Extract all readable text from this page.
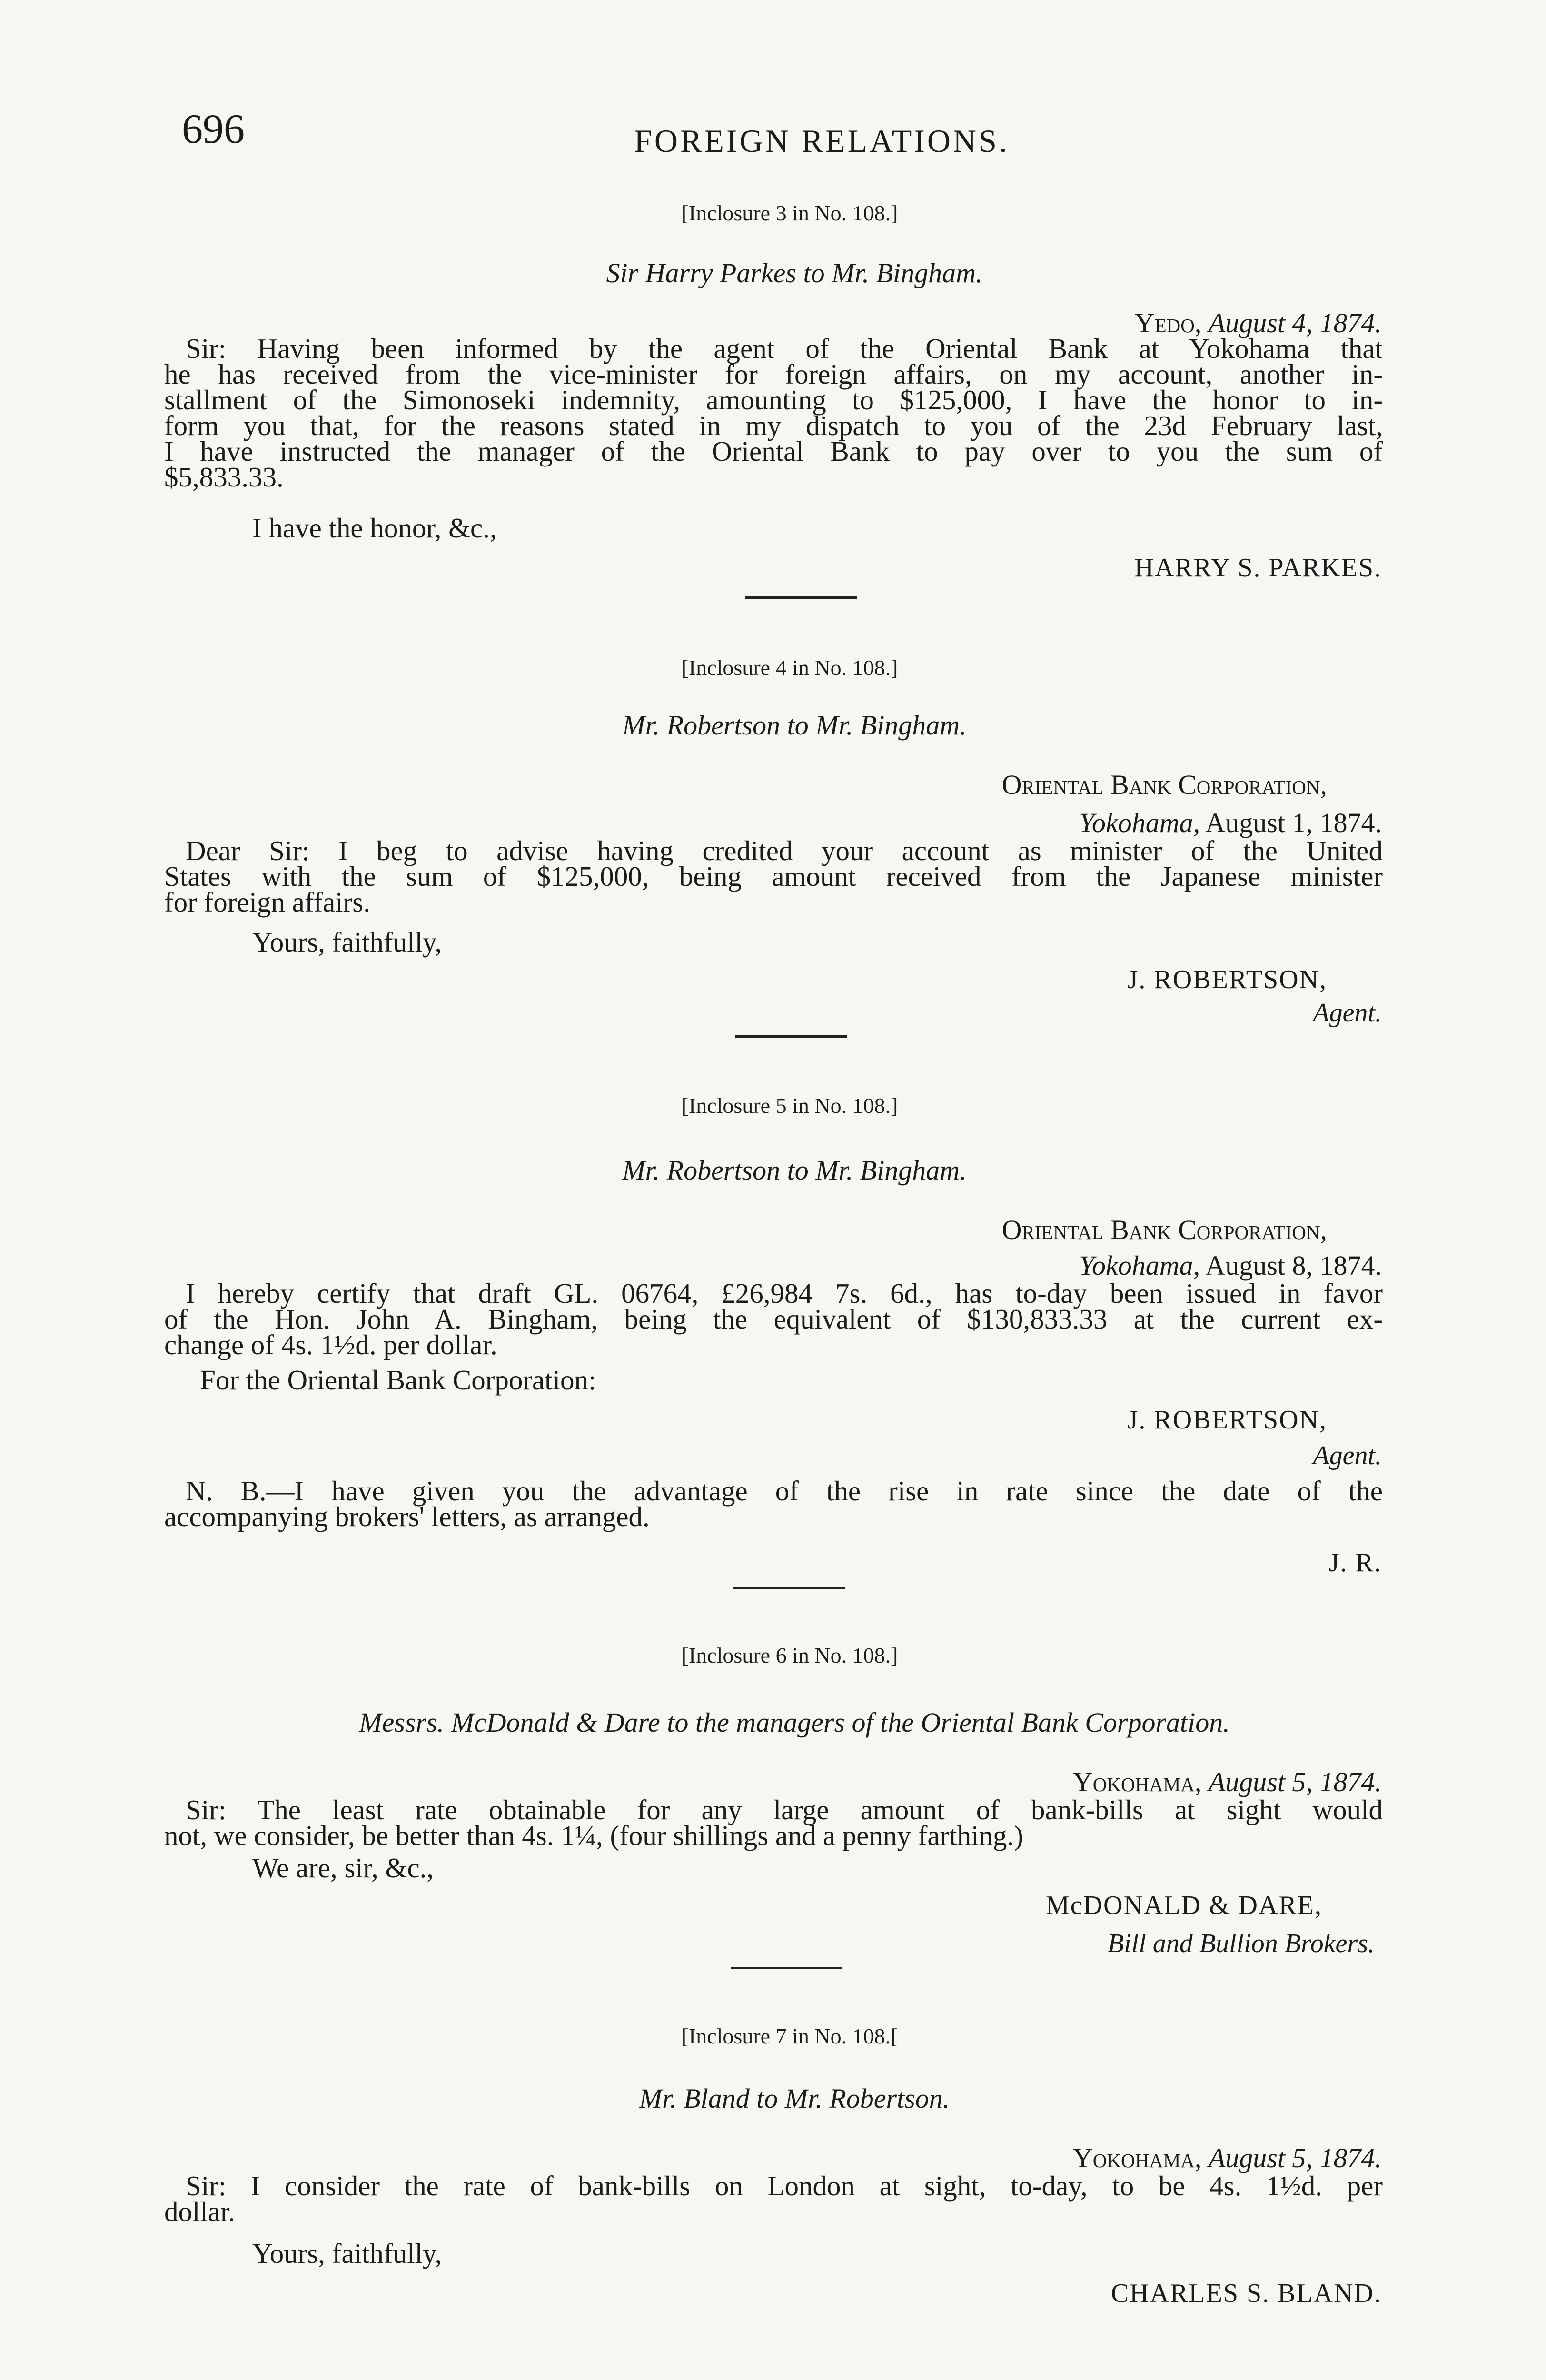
696	FOREIGN RELATIONS.
[Inclosure 3 in No. 108.]
Sir Harry Parkes to Mr. Bingham.
Yedo, August 4, 1874.
Sir: Having been informed by the agent of the Oriental Bank at Yokohama that
he has received from the vice-minister for foreign affairs, on my account, another in-
stallment of the Simonoseki indemnity, amounting to $125,000, I have the honor to in-
form you that, for the reasons stated in my dispatch to you of the 23d February last,
I have instructed the manager of the Oriental Bank to pay over to you the sum of
$5,833.33.
I have the honor, &c.,
HARRY S. PARKES.
[Inclosure 4 in No. 108.]
Mr. Robertson to Mr. Bingham.
Oriental Bank Corporation,
Yokohama, August 1, 1874.
Dear Sir: I beg to advise having credited your account as minister of the United
States with the sum of $125,000, being amount received from the Japanese minister
for foreign affairs.
Yours, faithfully,
J. ROBERTSON,
Agent.
[Inclosure 5 in No. 108.]
Mr. Robertson to Mr. Bingham.
Oriental Bank Corporation,
Yokohama, August 8, 1874.
I hereby certify that draft GL. 06764, £26,984 7s. 6d., has to-day been issued in favor
of the Hon. John A. Bingham, being the equivalent of $130,833.33 at the current ex-
change of 4s. 1½d. per dollar.
For the Oriental Bank Corporation:
J. ROBERTSON,
Agent.
N. B.—I have given you the advantage of the rise in rate since the date of the
accompanying brokers' letters, as arranged.
J. R.
[Inclosure 6 in No. 108.]
Messrs. McDonald & Dare to the managers of the Oriental Bank Corporation.
Yokohama, August 5, 1874.
Sir: The least rate obtainable for any large amount of bank-bills at sight would
not, we consider, be better than 4s. 1¼, (four shillings and a penny farthing.)
We are, sir, &c.,
McDONALD & DARE,
Bill and Bullion Brokers.
[Inclosure 7 in No. 108.[
Mr. Bland to Mr. Robertson.
Yokohama, August 5, 1874.
Sir: I consider the rate of bank-bills on London at sight, to-day, to be 4s. 1½d. per
dollar.
Yours, faithfully,
CHARLES S. BLAND.
